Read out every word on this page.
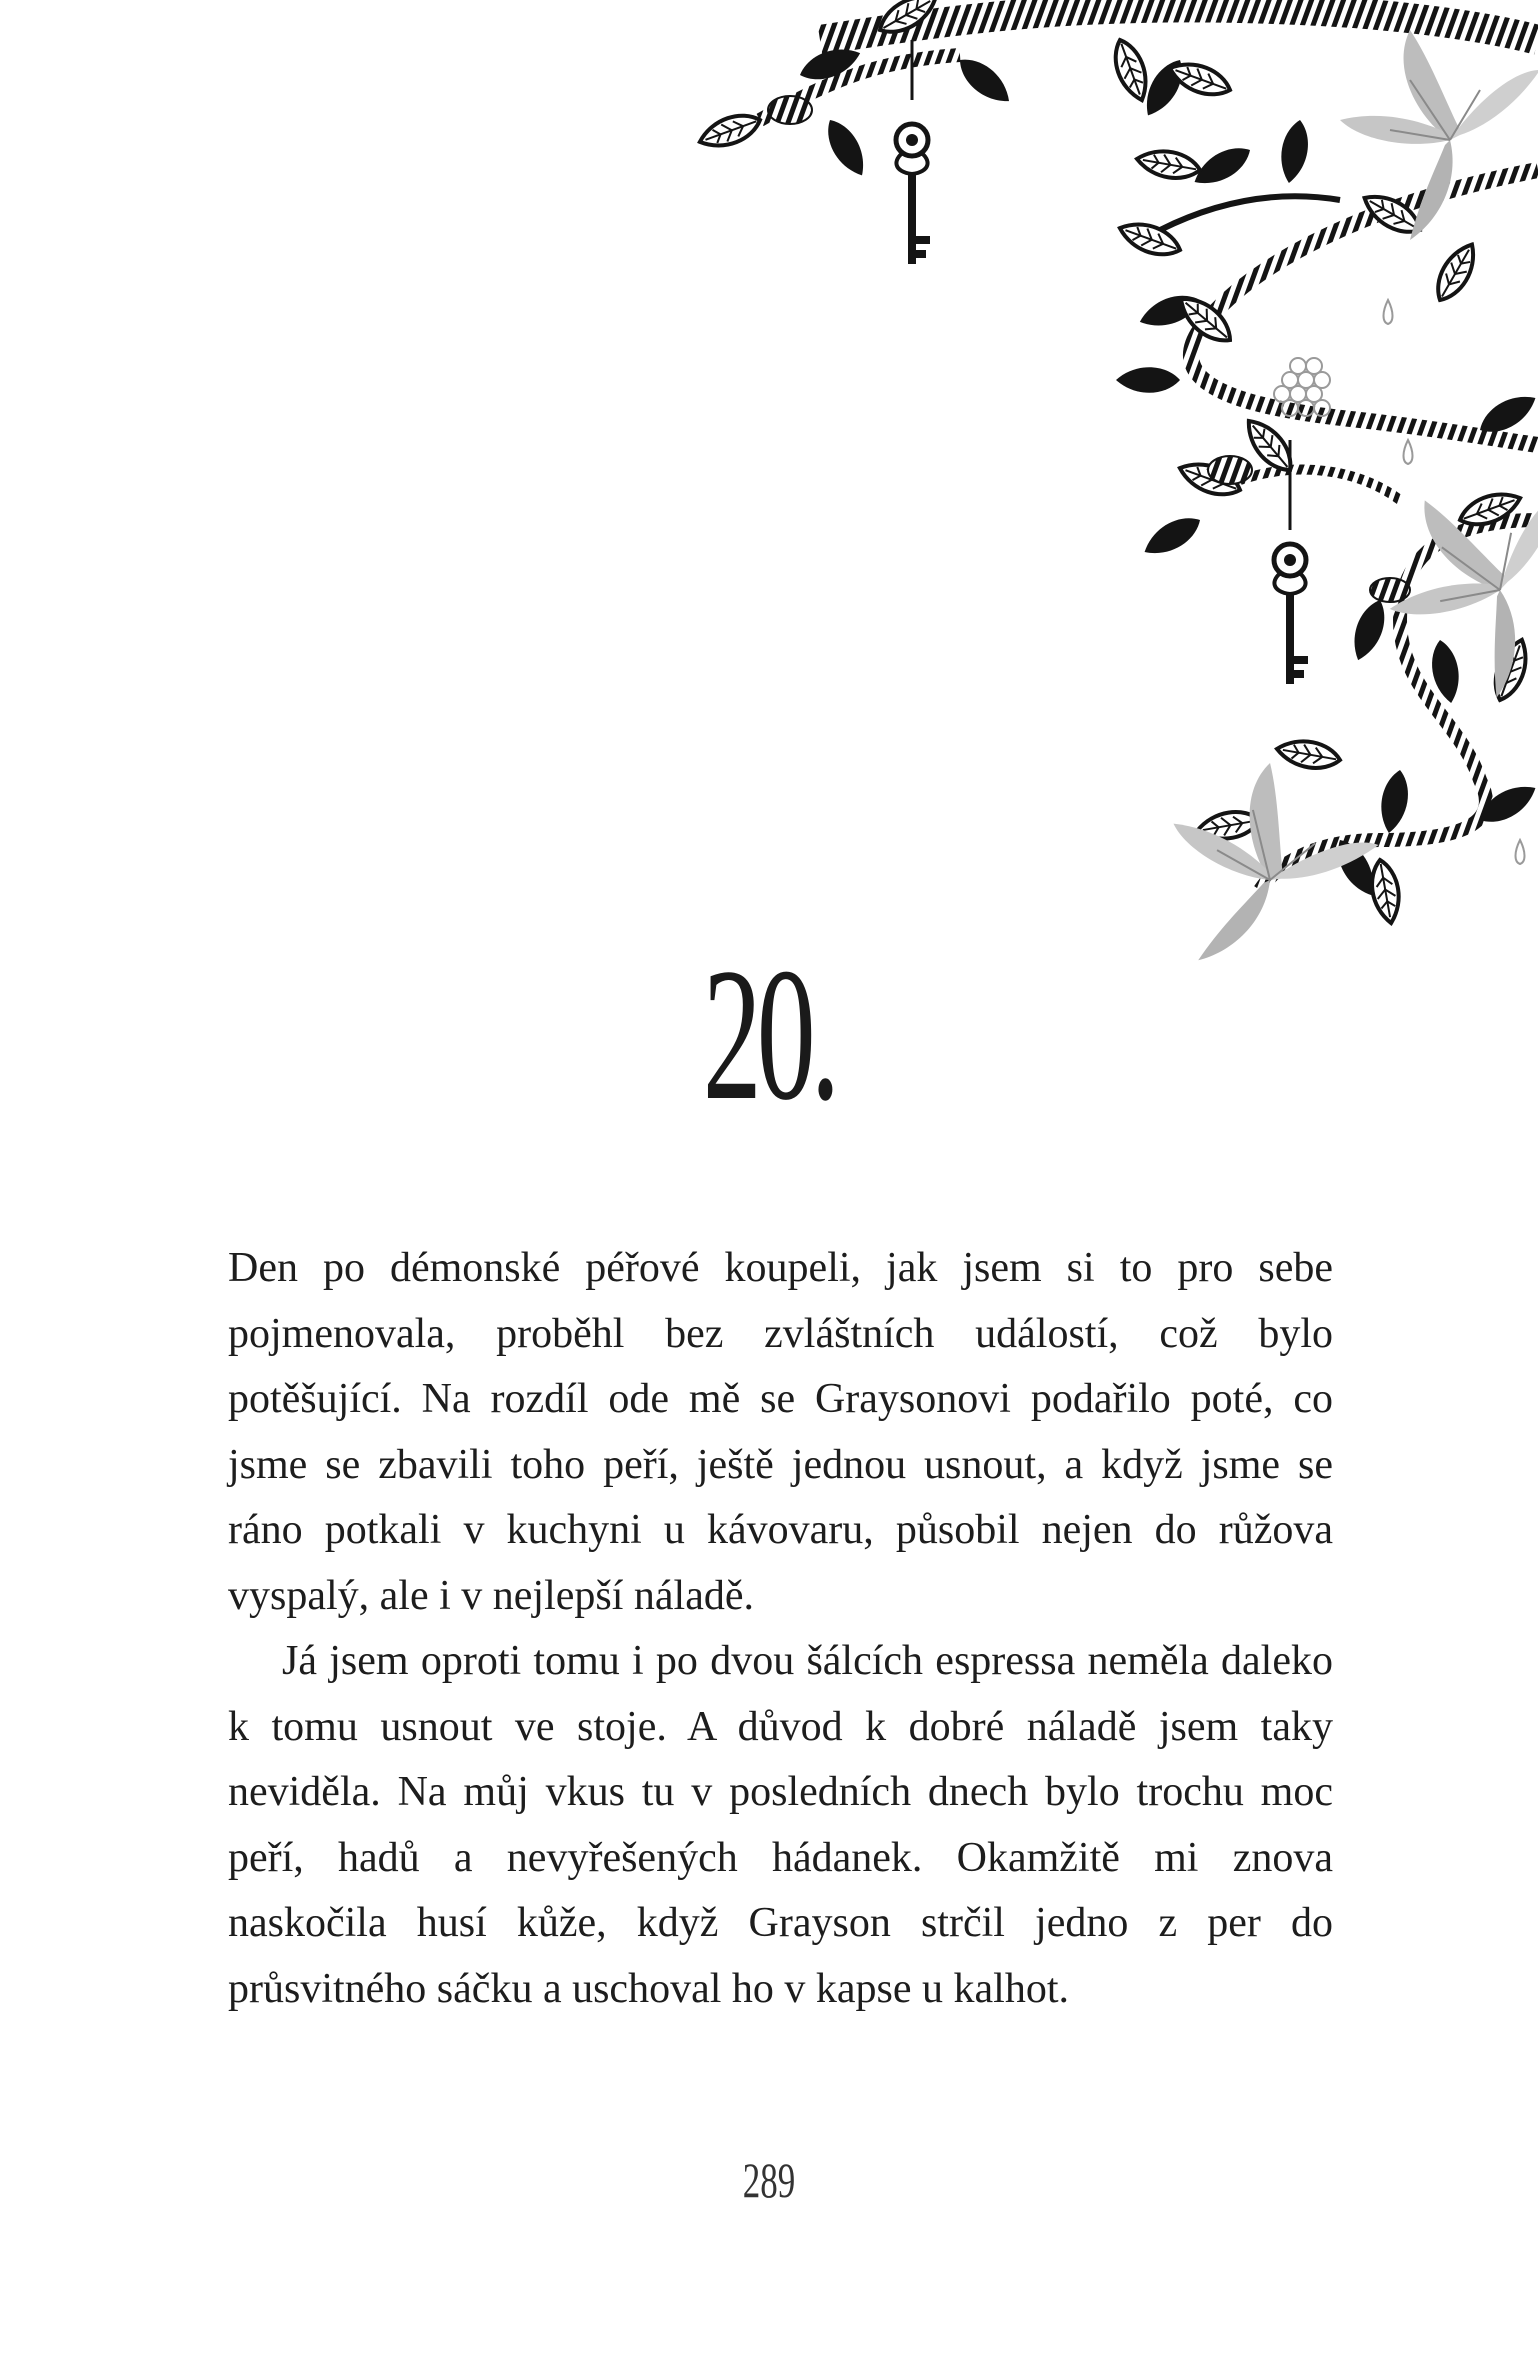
20.

Den po démonské péřové koupeli, jak jsem si to pro sebe pojmenovala, proběhl bez zvláštních událostí, což bylo potěšující. Na rozdíl ode mě se Graysonovi podařilo poté, co jsme se zbavili toho peří, ještě jednou usnout, a když jsme se ráno potkali v kuchyni u kávovaru, působil nejen do růžova vyspalý, ale i v nejlepší náladě.

Já jsem oproti tomu i po dvou šálcích espressa neměla daleko k tomu usnout ve stoje. A důvod k dobré náladě jsem taky neviděla. Na můj vkus tu v posledních dnech bylo trochu moc peří, hadů a nevyřešených hádanek. Okamžitě mi znova naskočila husí kůže, když Grayson strčil jedno z per do průsvitného sáčku a uschoval ho v kapse u kalhot.

289
